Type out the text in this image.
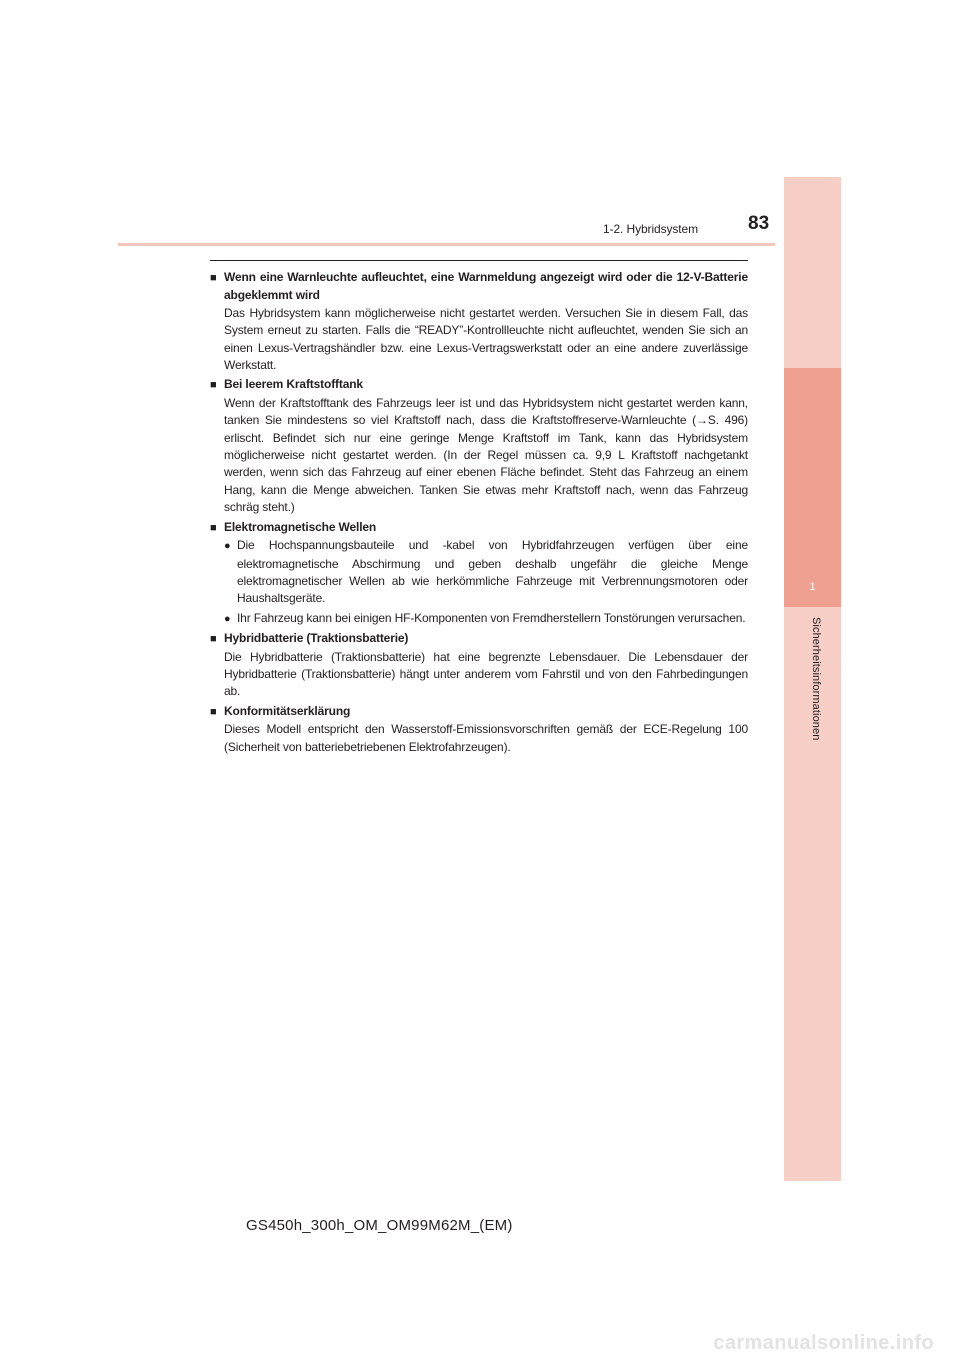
1-2. Hybridsystem	83
1
Sicherheitsinformationen
■ Wenn eine Warnleuchte aufleuchtet, eine Warnmeldung angezeigt wird oder die 12-V-Batterie abgeklemmt wird
Das Hybridsystem kann möglicherweise nicht gestartet werden. Versuchen Sie in diesem Fall, das System erneut zu starten. Falls die “READY”-Kontrollleuchte nicht aufleuchtet, wenden Sie sich an einen Lexus-Vertragshändler bzw. eine Lexus-Vertragswerkstatt oder an eine andere zuverlässige Werkstatt.
■ Bei leerem Kraftstofftank
Wenn der Kraftstofftank des Fahrzeugs leer ist und das Hybridsystem nicht gestartet werden kann, tanken Sie mindestens so viel Kraftstoff nach, dass die Kraftstoffreserve-Warnleuchte (→S. 496) erlischt. Befindet sich nur eine geringe Menge Kraftstoff im Tank, kann das Hybridsystem möglicherweise nicht gestartet werden. (In der Regel müssen ca. 9,9 L Kraftstoff nachgetankt werden, wenn sich das Fahrzeug auf einer ebenen Fläche befindet. Steht das Fahrzeug an einem Hang, kann die Menge abweichen. Tanken Sie etwas mehr Kraftstoff nach, wenn das Fahrzeug schräg steht.)
■ Elektromagnetische Wellen
● Die Hochspannungsbauteile und -kabel von Hybridfahrzeugen verfügen über eine elektromagnetische Abschirmung und geben deshalb ungefähr die gleiche Menge elektromagnetischer Wellen ab wie herkömmliche Fahrzeuge mit Verbrennungsmotoren oder Haushaltsgeräte.
● Ihr Fahrzeug kann bei einigen HF-Komponenten von Fremdherstellern Tonstörungen verursachen.
■ Hybridbatterie (Traktionsbatterie)
Die Hybridbatterie (Traktionsbatterie) hat eine begrenzte Lebensdauer. Die Lebensdauer der Hybridbatterie (Traktionsbatterie) hängt unter anderem vom Fahrstil und von den Fahrbedingungen ab.
■ Konformitätserklärung
Dieses Modell entspricht den Wasserstoff-Emissionsvorschriften gemäß der ECE-Regelung 100 (Sicherheit von batteriebetriebenen Elektrofahrzeugen).
GS450h_300h_OM_OM99M62M_(EM)
carmanualsonline.info
